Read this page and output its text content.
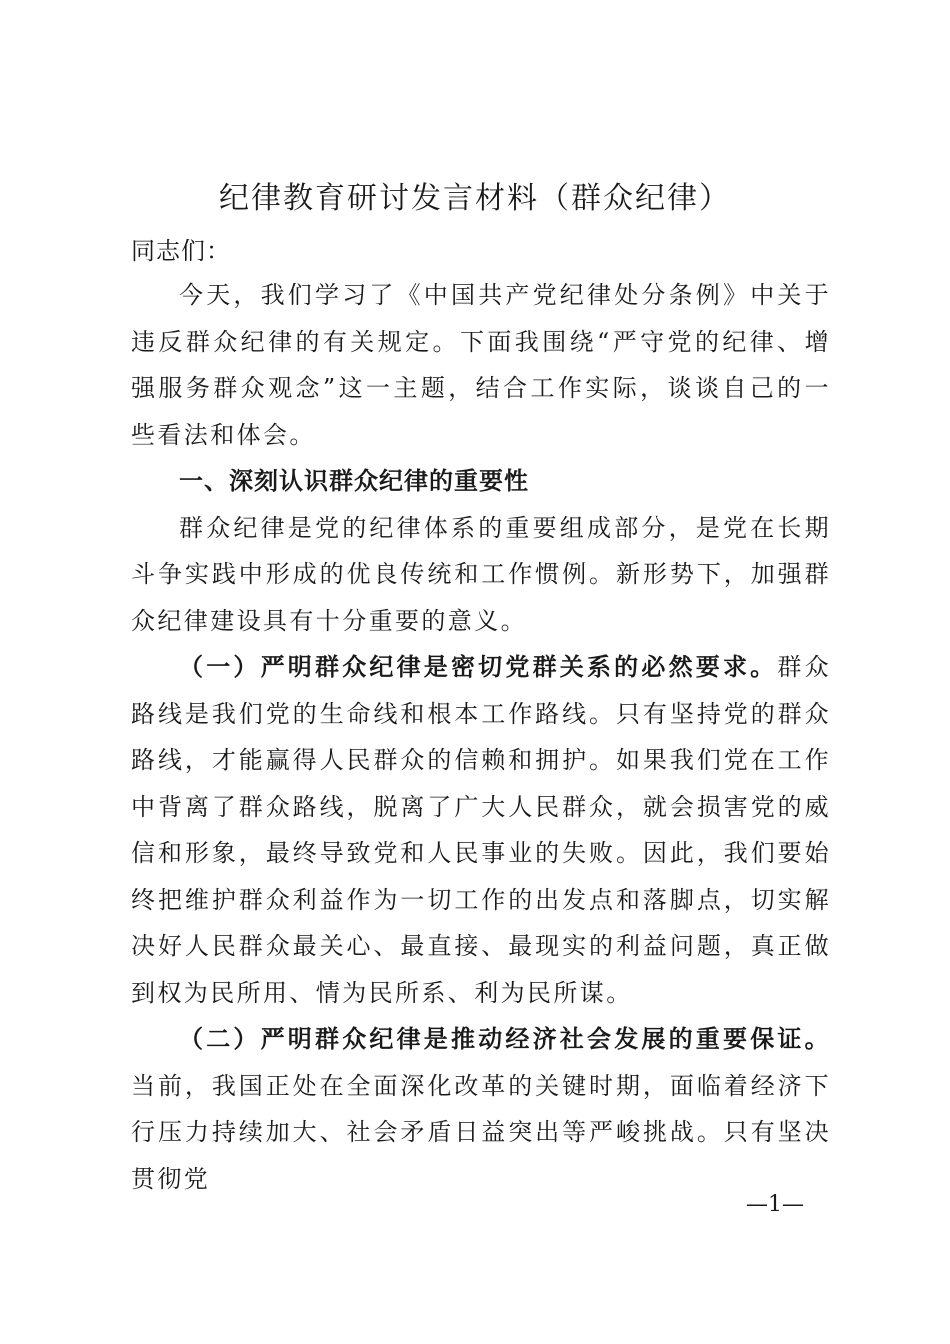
纪律教育研讨发言材料（群众纪律）
同志们：

今天，我们学习了《中国共产党纪律处分条例》中关于违反群众纪律的有关规定。下面我围绕“严守党的纪律、增强服务群众观念”这一主题，结合工作实际，谈谈自己的一些看法和体会。

一、深刻认识群众纪律的重要性

群众纪律是党的纪律体系的重要组成部分，是党在长期斗争实践中形成的优良传统和工作惯例。新形势下，加强群众纪律建设具有十分重要的意义。

（一）严明群众纪律是密切党群关系的必然要求。群众路线是我们党的生命线和根本工作路线。只有坚持党的群众路线，才能赢得人民群众的信赖和拥护。如果我们党在工作中背离了群众路线，脱离了广大人民群众，就会损害党的威信和形象，最终导致党和人民事业的失败。因此，我们要始终把维护群众利益作为一切工作的出发点和落脚点，切实解决好人民群众最关心、最直接、最现实的利益问题，真正做到权为民所用、情为民所系、利为民所谋。

（二）严明群众纪律是推动经济社会发展的重要保证。当前，我国正处在全面深化改革的关键时期，面临着经济下行压力持续加大、社会矛盾日益突出等严峻挑战。只有坚决贯彻党

—1—
